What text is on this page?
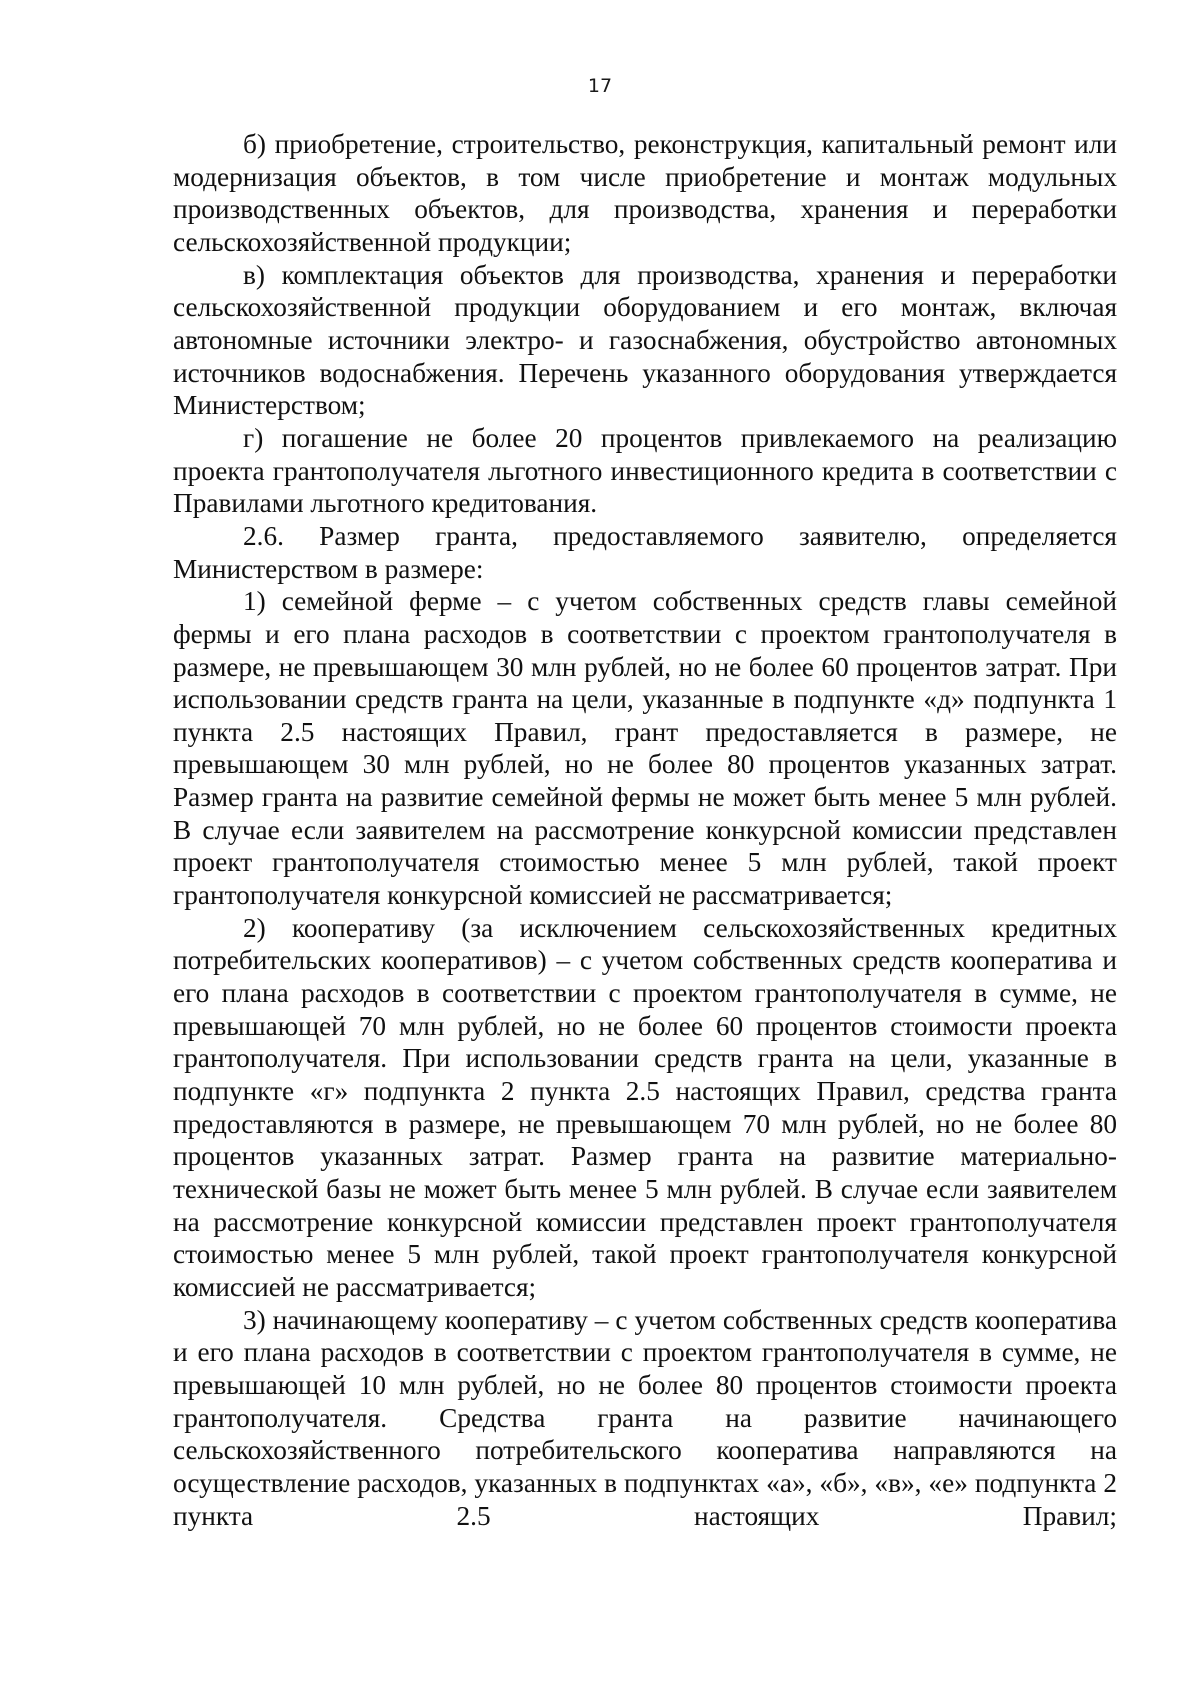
17

б) приобретение, строительство, реконструкция, капитальный ремонт или модернизация объектов, в том числе приобретение и монтаж модульных производственных объектов, для производства, хранения и переработки сельскохозяйственной продукции;

в) комплектация объектов для производства, хранения и переработки сельскохозяйственной продукции оборудованием и его монтаж, включая автономные источники электро- и газоснабжения, обустройство автономных источников водоснабжения. Перечень указанного оборудования утверждается Министерством;

г) погашение не более 20 процентов привлекаемого на реализацию проекта грантополучателя льготного инвестиционного кредита в соответствии с Правилами льготного кредитования.

2.6. Размер гранта, предоставляемого заявителю, определяется Министерством в размере:

1) семейной ферме – с учетом собственных средств главы семейной фермы и его плана расходов в соответствии с проектом грантополучателя в размере, не превышающем 30 млн рублей, но не более 60 процентов затрат. При использовании средств гранта на цели, указанные в подпункте «д» подпункта 1 пункта 2.5 настоящих Правил, грант предоставляется в размере, не превышающем 30 млн рублей, но не более 80 процентов указанных затрат. Размер гранта на развитие семейной фермы не может быть менее 5 млн рублей. В случае если заявителем на рассмотрение конкурсной комиссии представлен проект грантополучателя стоимостью менее 5 млн рублей, такой проект грантополучателя конкурсной комиссией не рассматривается;

2) кооперативу (за исключением сельскохозяйственных кредитных потребительских кооперативов) – с учетом собственных средств кооператива и его плана расходов в соответствии с проектом грантополучателя в сумме, не превышающей 70 млн рублей, но не более 60 процентов стоимости проекта грантополучателя. При использовании средств гранта на цели, указанные в подпункте «г» подпункта 2 пункта 2.5 настоящих Правил, средства гранта предоставляются в размере, не превышающем 70 млн рублей, но не более 80 процентов указанных затрат. Размер гранта на развитие материально-технической базы не может быть менее 5 млн рублей. В случае если заявителем на рассмотрение конкурсной комиссии представлен проект грантополучателя стоимостью менее 5 млн рублей, такой проект грантополучателя конкурсной комиссией не рассматривается;

3) начинающему кооперативу – с учетом собственных средств кооператива и его плана расходов в соответствии с проектом грантополучателя в сумме, не превышающей 10 млн рублей, но не более 80 процентов стоимости проекта грантополучателя. Средства гранта на развитие начинающего сельскохозяйственного потребительского кооператива направляются на осуществление расходов, указанных в подпунктах «а», «б», «в», «е» подпункта 2 пункта 2.5 настоящих Правил;
